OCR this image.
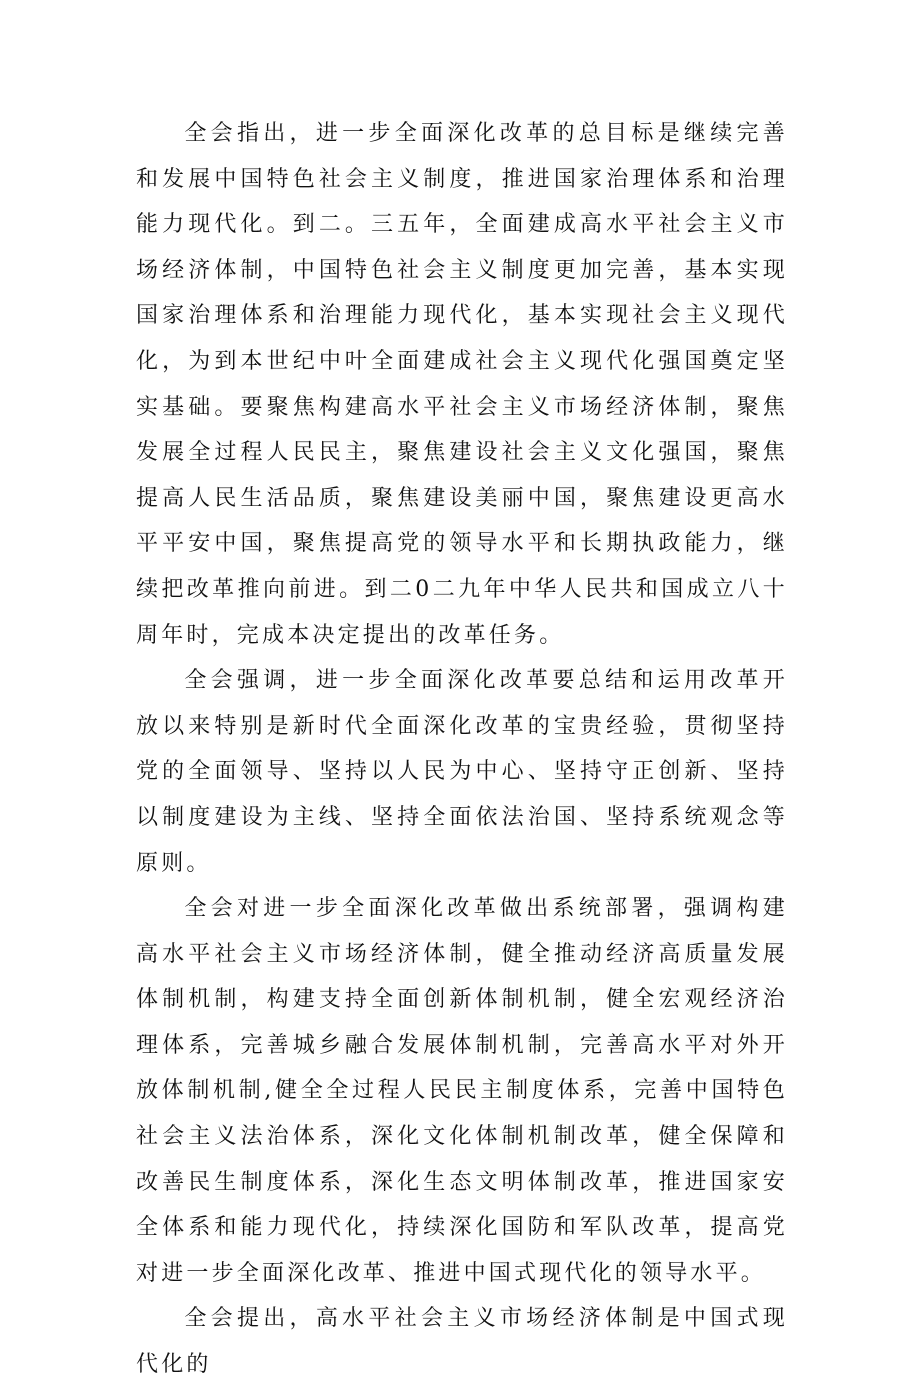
全会指出，进一步全面深化改革的总目标是继续完善和发展中国特色社会主义制度，推进国家治理体系和治理能力现代化。到二。三五年，全面建成高水平社会主义市场经济体制，中国特色社会主义制度更加完善，基本实现国家治理体系和治理能力现代化，基本实现社会主义现代化，为到本世纪中叶全面建成社会主义现代化强国奠定坚实基础。要聚焦构建高水平社会主义市场经济体制，聚焦发展全过程人民民主，聚焦建设社会主义文化强国，聚焦提高人民生活品质，聚焦建设美丽中国，聚焦建设更高水平平安中国，聚焦提高党的领导水平和长期执政能力，继续把改革推向前进。到二0二九年中华人民共和国成立八十周年时，完成本决定提出的改革任务。

全会强调，进一步全面深化改革要总结和运用改革开放以来特别是新时代全面深化改革的宝贵经验，贯彻坚持党的全面领导、坚持以人民为中心、坚持守正创新、坚持以制度建设为主线、坚持全面依法治国、坚持系统观念等原则。

全会对进一步全面深化改革做出系统部署，强调构建高水平社会主义市场经济体制，健全推动经济高质量发展体制机制，构建支持全面创新体制机制，健全宏观经济治理体系，完善城乡融合发展体制机制，完善高水平对外开放体制机制,健全全过程人民民主制度体系，完善中国特色社会主义法治体系，深化文化体制机制改革，健全保障和改善民生制度体系，深化生态文明体制改革，推进国家安全体系和能力现代化，持续深化国防和军队改革，提高党对进一步全面深化改革、推进中国式现代化的领导水平。

全会提出，高水平社会主义市场经济体制是中国式现代化的
